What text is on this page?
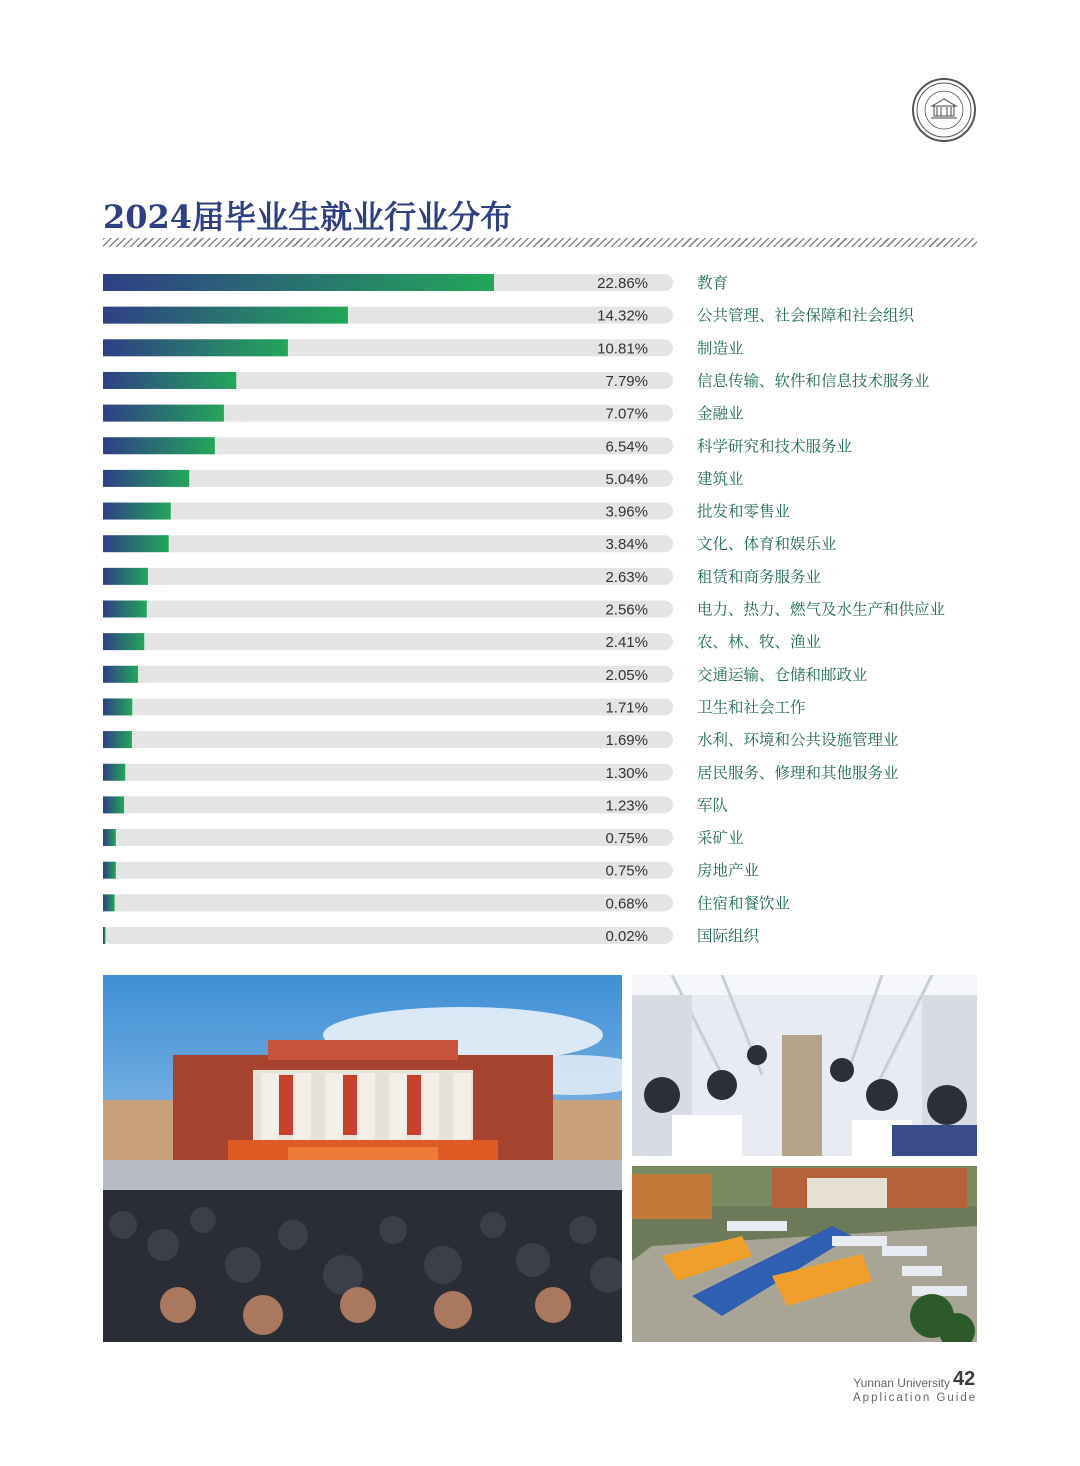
2024届毕业生就业行业分布
22.86%	教育
14.32%	公共管理、社会保障和社会组织
10.81%	制造业
7.79%	信息传输、软件和信息技术服务业
7.07%	金融业
6.54%	科学研究和技术服务业
5.04%	建筑业
3.96%	批发和零售业
3.84%	文化、体育和娱乐业
2.63%	租赁和商务服务业
2.56%	电力、热力、燃气及水生产和供应业
2.41%	农、林、牧、渔业
2.05%	交通运输、仓储和邮政业
1.71%	卫生和社会工作
1.69%	水利、环境和公共设施管理业
1.30%	居民服务、修理和其他服务业
1.23%	军队
0.75%	采矿业
0.75%	房地产业
0.68%	住宿和餐饮业
0.02%	国际组织
Yunnan University 42
Application Guide
